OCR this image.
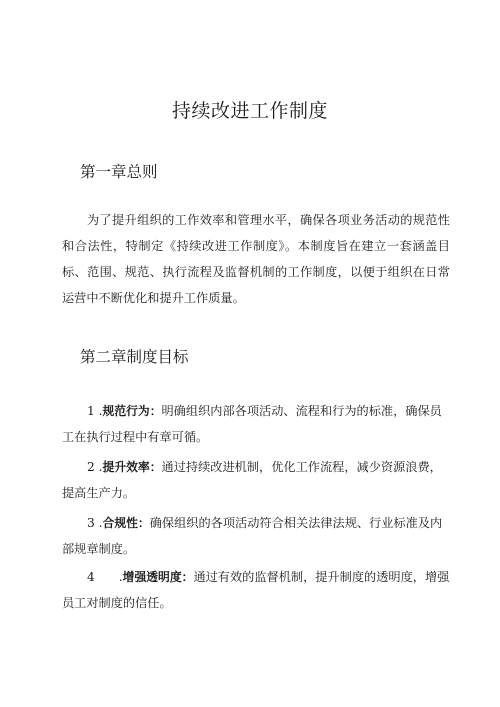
持续改进工作制度
第一章总则

为了提升组织的工作效率和管理水平，确保各项业务活动的规范性和合法性，特制定《持续改进工作制度》。本制度旨在建立一套涵盖目标、范围、规范、执行流程及监督机制的工作制度，以便于组织在日常运营中不断优化和提升工作质量。

第二章制度目标

1 .规范行为：明确组织内部各项活动、流程和行为的标准，确保员工在执行过程中有章可循。

2 .提升效率：通过持续改进机制，优化工作流程，减少资源浪费，提高生产力。

3 .合规性：确保组织的各项活动符合相关法律法规、行业标准及内部规章制度。

4 .增强透明度：通过有效的监督机制，提升制度的透明度，增强员工对制度的信任。
